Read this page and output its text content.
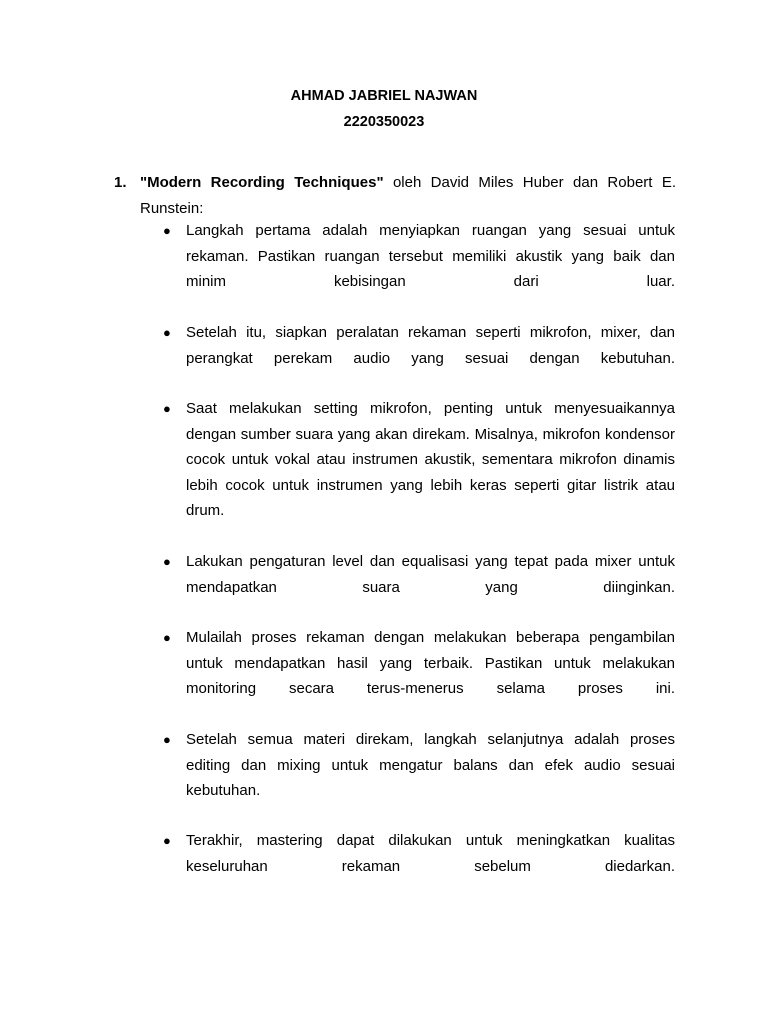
AHMAD JABRIEL NAJWAN
2220350023
1. "Modern Recording Techniques" oleh David Miles Huber dan Robert E. Runstein:
● Langkah pertama adalah menyiapkan ruangan yang sesuai untuk rekaman. Pastikan ruangan tersebut memiliki akustik yang baik dan minim kebisingan dari luar.
● Setelah itu, siapkan peralatan rekaman seperti mikrofon, mixer, dan perangkat perekam audio yang sesuai dengan kebutuhan.
● Saat melakukan setting mikrofon, penting untuk menyesuaikannya dengan sumber suara yang akan direkam. Misalnya, mikrofon kondensor cocok untuk vokal atau instrumen akustik, sementara mikrofon dinamis lebih cocok untuk instrumen yang lebih keras seperti gitar listrik atau drum.
● Lakukan pengaturan level dan equalisasi yang tepat pada mixer untuk mendapatkan suara yang diinginkan.
● Mulailah proses rekaman dengan melakukan beberapa pengambilan untuk mendapatkan hasil yang terbaik. Pastikan untuk melakukan monitoring secara terus-menerus selama proses ini.
● Setelah semua materi direkam, langkah selanjutnya adalah proses editing dan mixing untuk mengatur balans dan efek audio sesuai kebutuhan.
● Terakhir, mastering dapat dilakukan untuk meningkatkan kualitas keseluruhan rekaman sebelum diedarkan.
